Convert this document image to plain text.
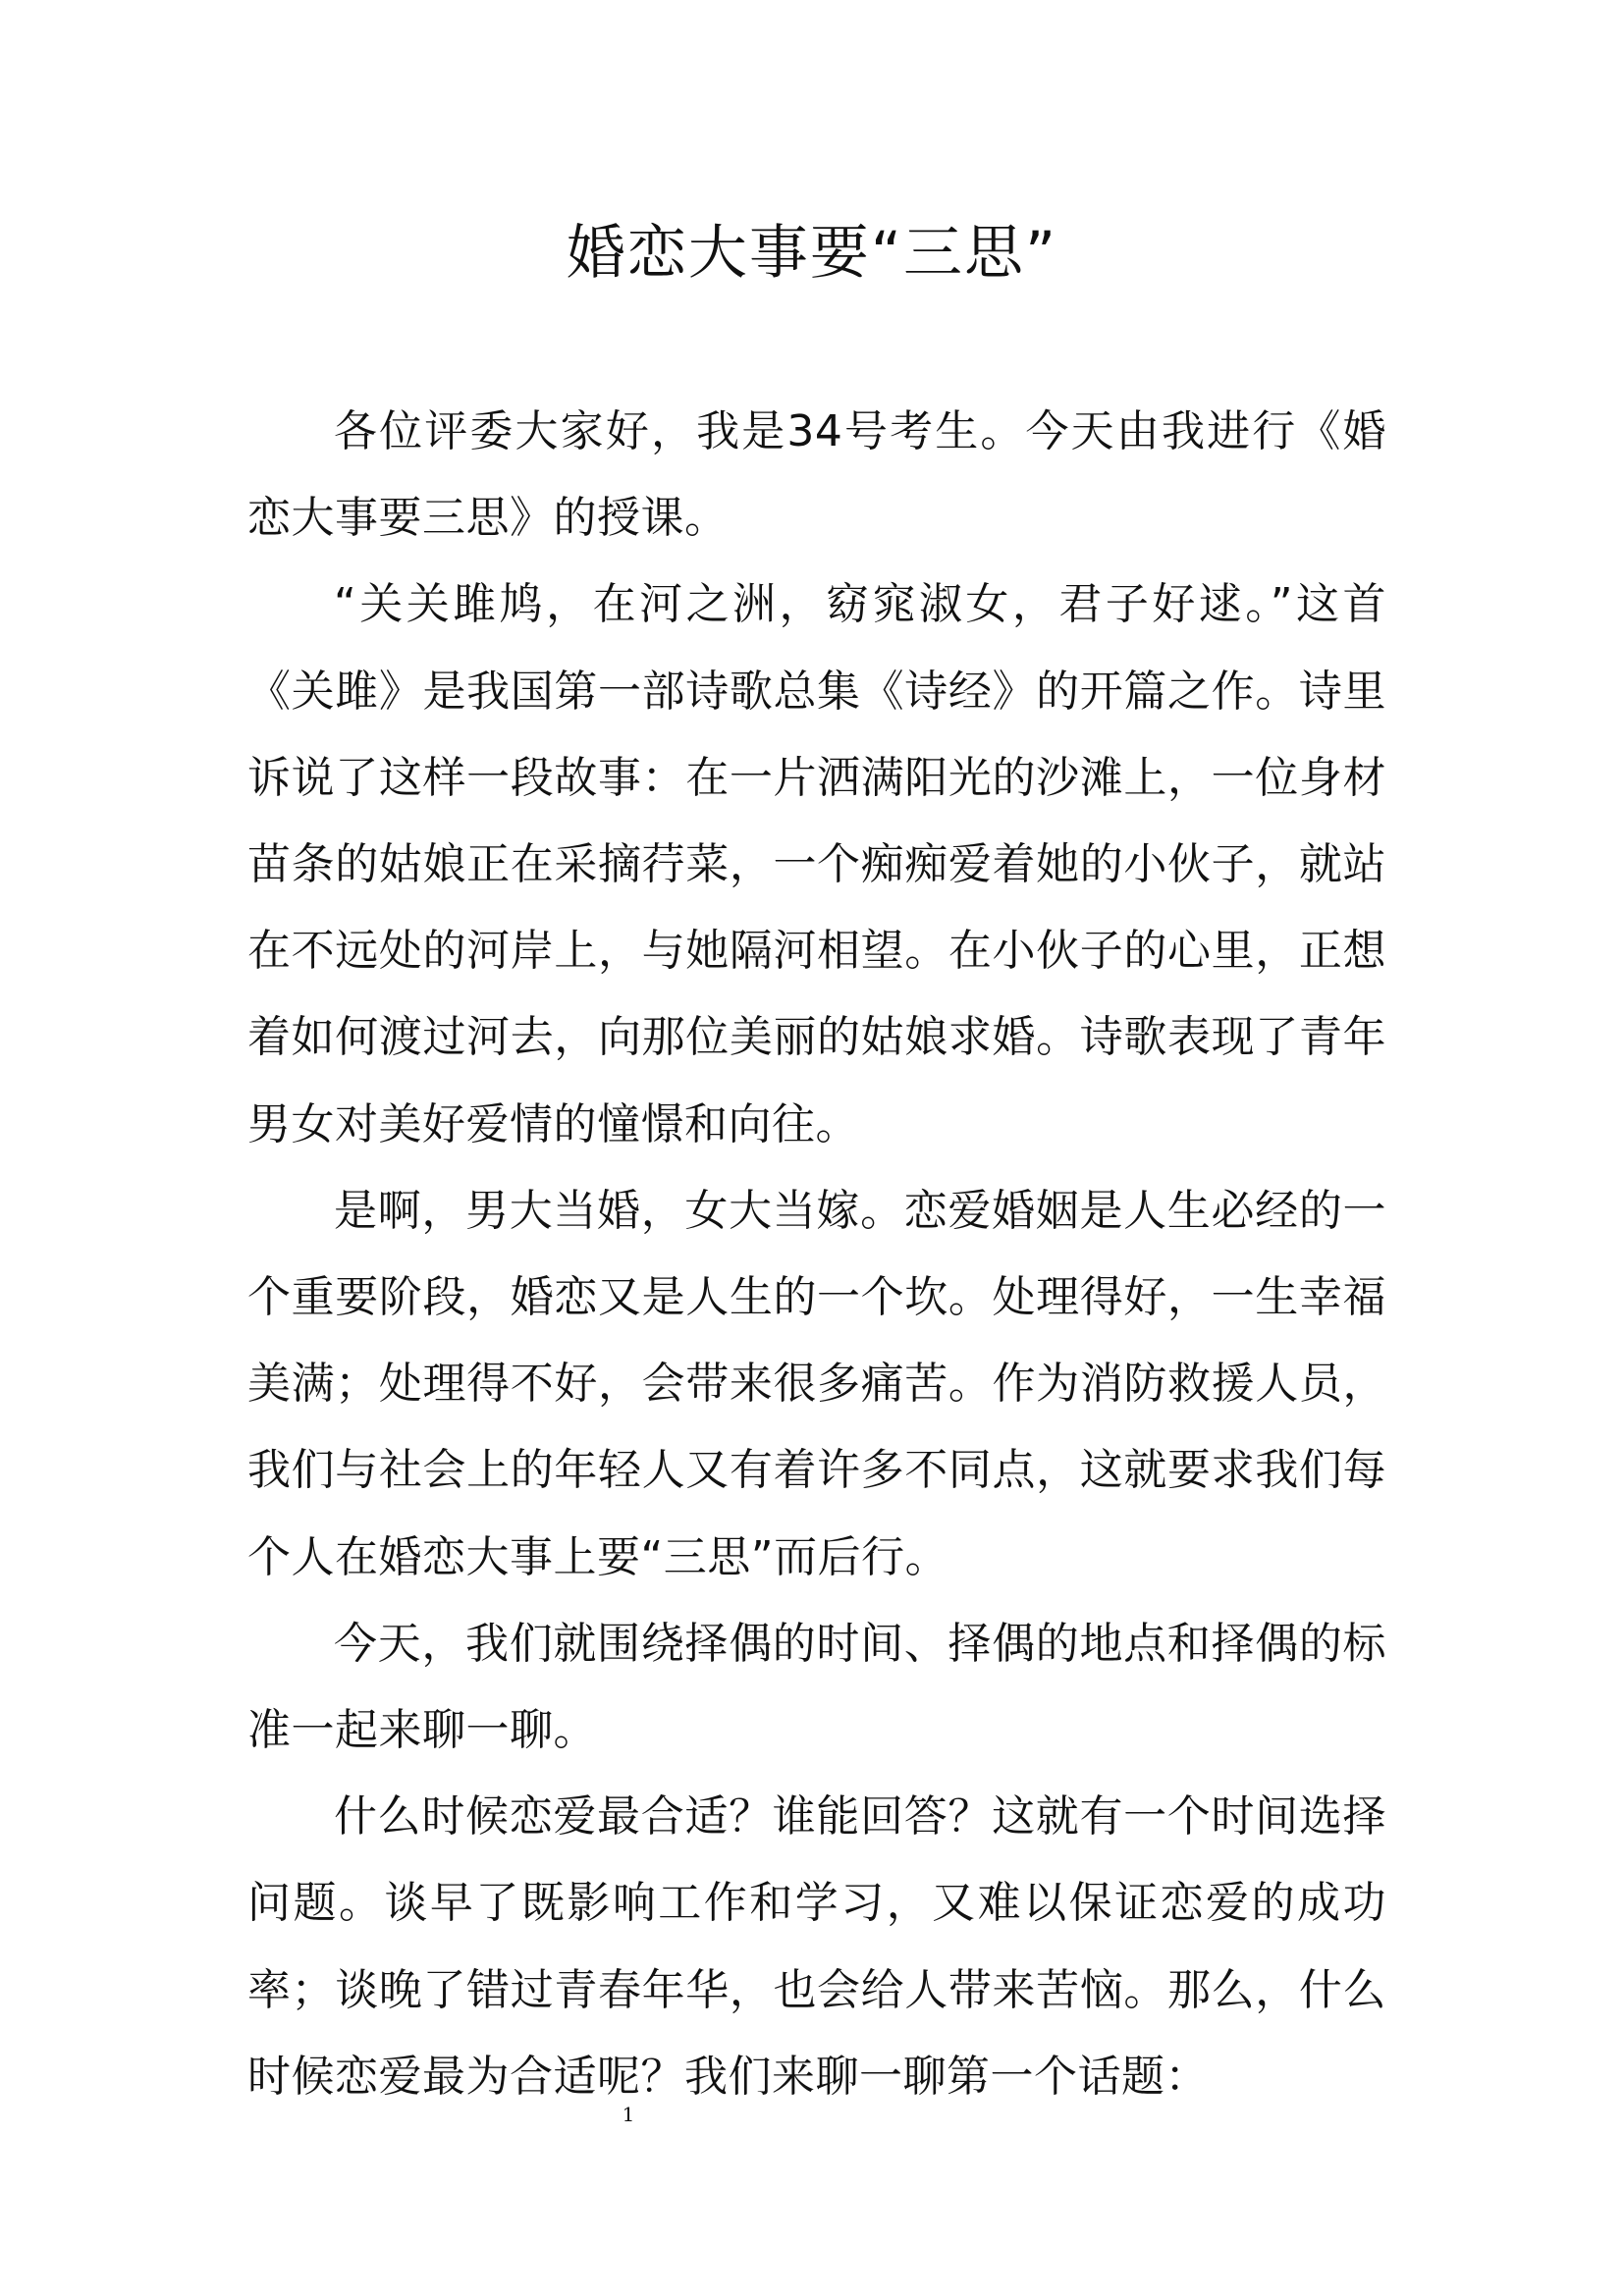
婚恋大事要“三思”

各位评委大家好，我是34号考生。今天由我进行《婚恋大事要三思》的授课。

“关关雎鸠，在河之洲，窈窕淑女，君子好逑。”这首《关雎》是我国第一部诗歌总集《诗经》的开篇之作。诗里诉说了这样一段故事：在一片洒满阳光的沙滩上，一位身材苗条的姑娘正在采摘荇菜，一个痴痴爱着她的小伙子，就站在不远处的河岸上，与她隔河相望。在小伙子的心里，正想着如何渡过河去，向那位美丽的姑娘求婚。诗歌表现了青年男女对美好爱情的憧憬和向往。

是啊，男大当婚，女大当嫁。恋爱婚姻是人生必经的一个重要阶段，婚恋又是人生的一个坎。处理得好，一生幸福美满；处理得不好，会带来很多痛苦。作为消防救援人员，我们与社会上的年轻人又有着许多不同点，这就要求我们每个人在婚恋大事上要“三思”而后行。

今天，我们就围绕择偶的时间、择偶的地点和择偶的标准一起来聊一聊。

什么时候恋爱最合适？谁能回答？这就有一个时间选择问题。谈早了既影响工作和学习，又难以保证恋爱的成功率；谈晚了错过青春年华，也会给人带来苦恼。那么，什么时候恋爱最为合适呢？我们来聊一聊第一个话题：

1
